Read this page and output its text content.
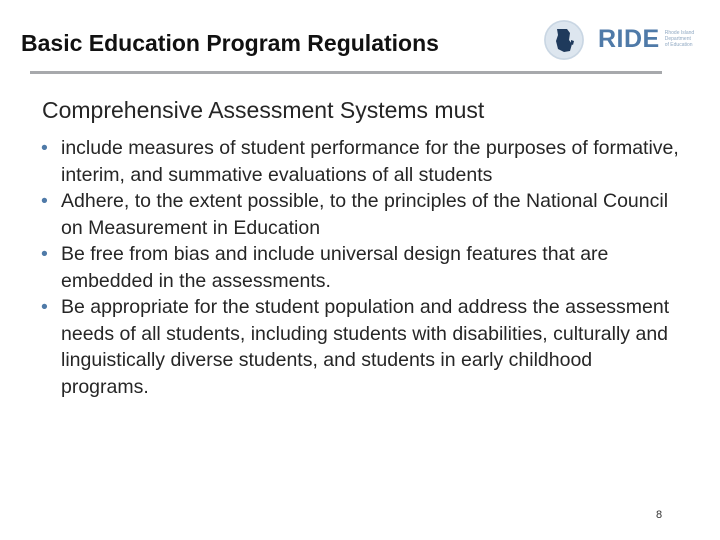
Basic Education Program Regulations	RIDE Rhode Island
Department
of Education
Comprehensive Assessment Systems must
• include measures of student performance for the purposes of formative, interim, and summative evaluations of all students
• Adhere, to the extent possible, to the principles of the National Council on Measurement in Education
• Be free from bias and include universal design features that are embedded in the assessments.
• Be appropriate for the student population and address the assessment needs of all students, including students with disabilities, culturally and linguistically diverse students, and students in early childhood programs.
8
